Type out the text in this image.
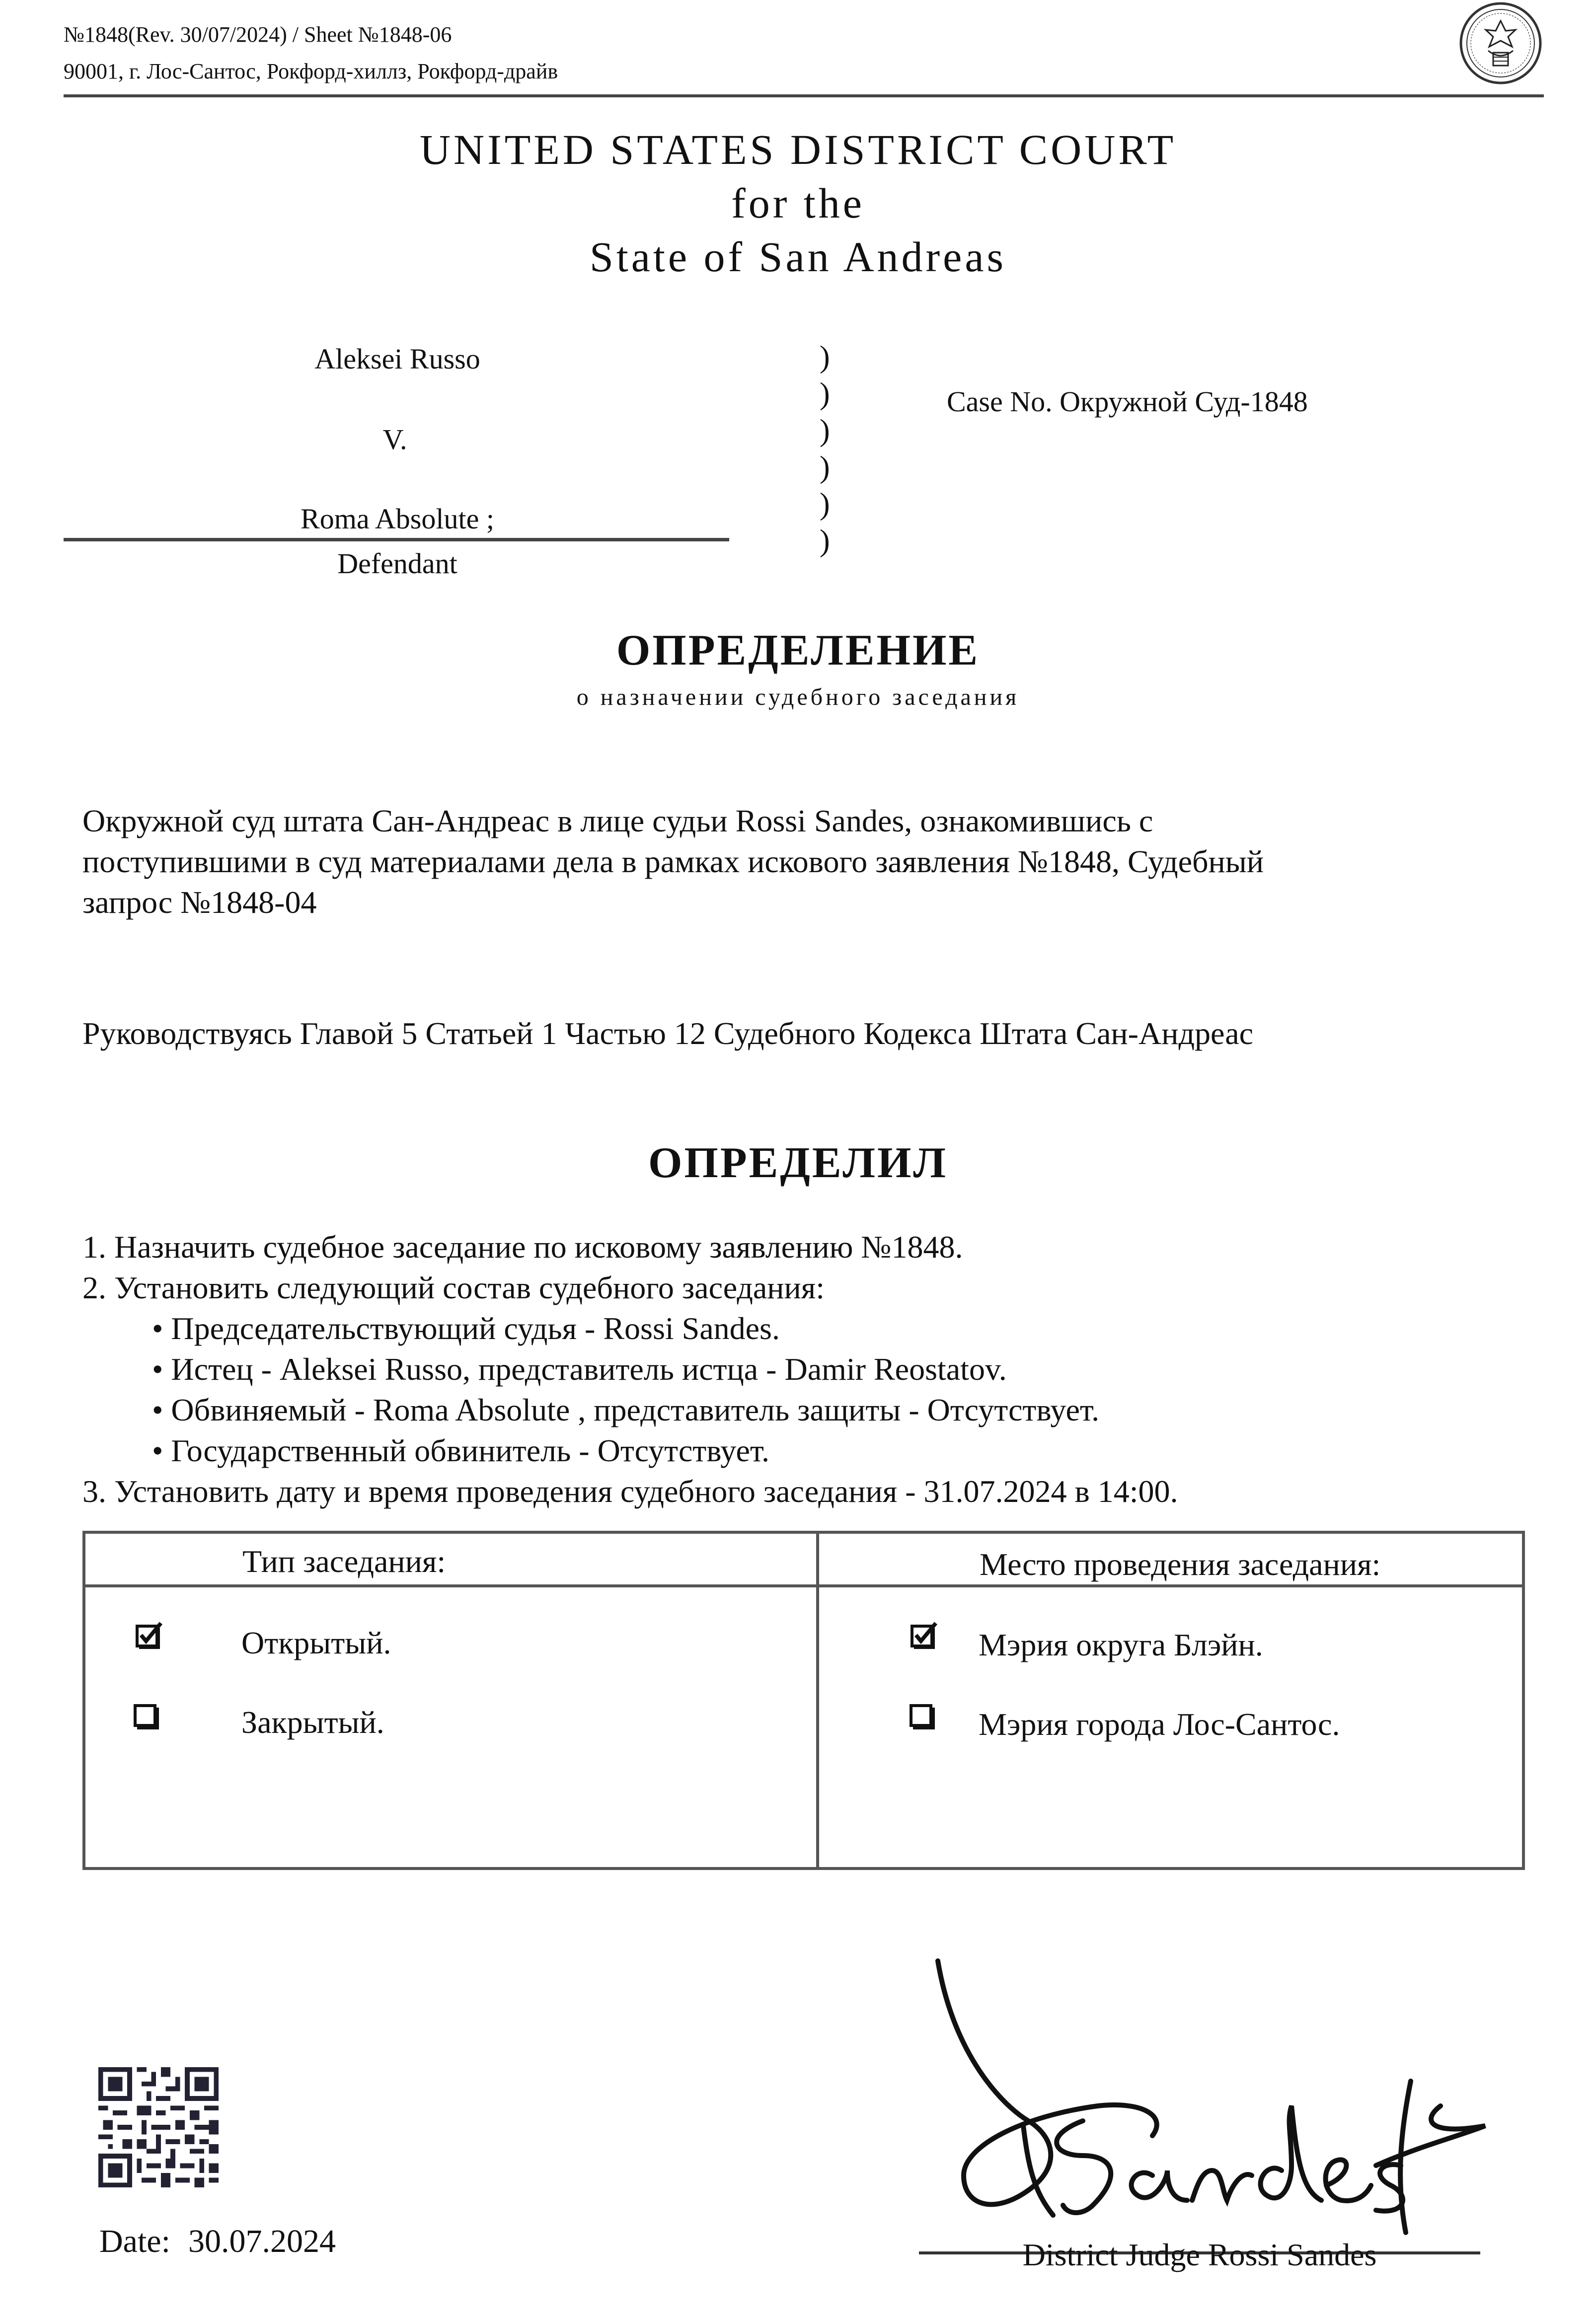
№1848(Rev. 30/07/2024) / Sheet №1848-06
90001, г. Лос-Сантос, Рокфорд-хиллз, Рокфорд-драйв
UNITED STATES DISTRICT COURT
for the
State of San Andreas
Aleksei Russo
V.
Roma Absolute ;
Defendant
)
)
)
)
)
)
Case No. Окружной Суд-1848
ОПРЕДЕЛЕНИЕ
о назначении судебного заседания
Окружной суд штата Сан-Андреас в лице судьи Rossi Sandes, ознакомившись с
поступившими в суд материалами дела в рамках искового заявления №1848, Судебный
запрос №1848-04
Руководствуясь Главой 5 Статьей 1 Частью 12 Судебного Кодекса Штата Сан-Андреас
ОПРЕДЕЛИЛ
1. Назначить судебное заседание по исковому заявлению №1848.
2. Установить следующий состав судебного заседания:
• Председательствующий судья - Rossi Sandes.
• Истец - Aleksei Russo, представитель истца - Damir Reostatov.
• Обвиняемый - Roma Absolute , представитель защиты - Отсутствует.
• Государственный обвинитель - Отсутствует.
3. Установить дату и время проведения судебного заседания - 31.07.2024 в 14:00.
Тип заседания:	Место проведения заседания:
Открытый.
Закрытый.
Мэрия округа Блэйн.
Мэрия города Лос-Сантос.
Date: 30.07.2024	District Judge Rossi Sandes
